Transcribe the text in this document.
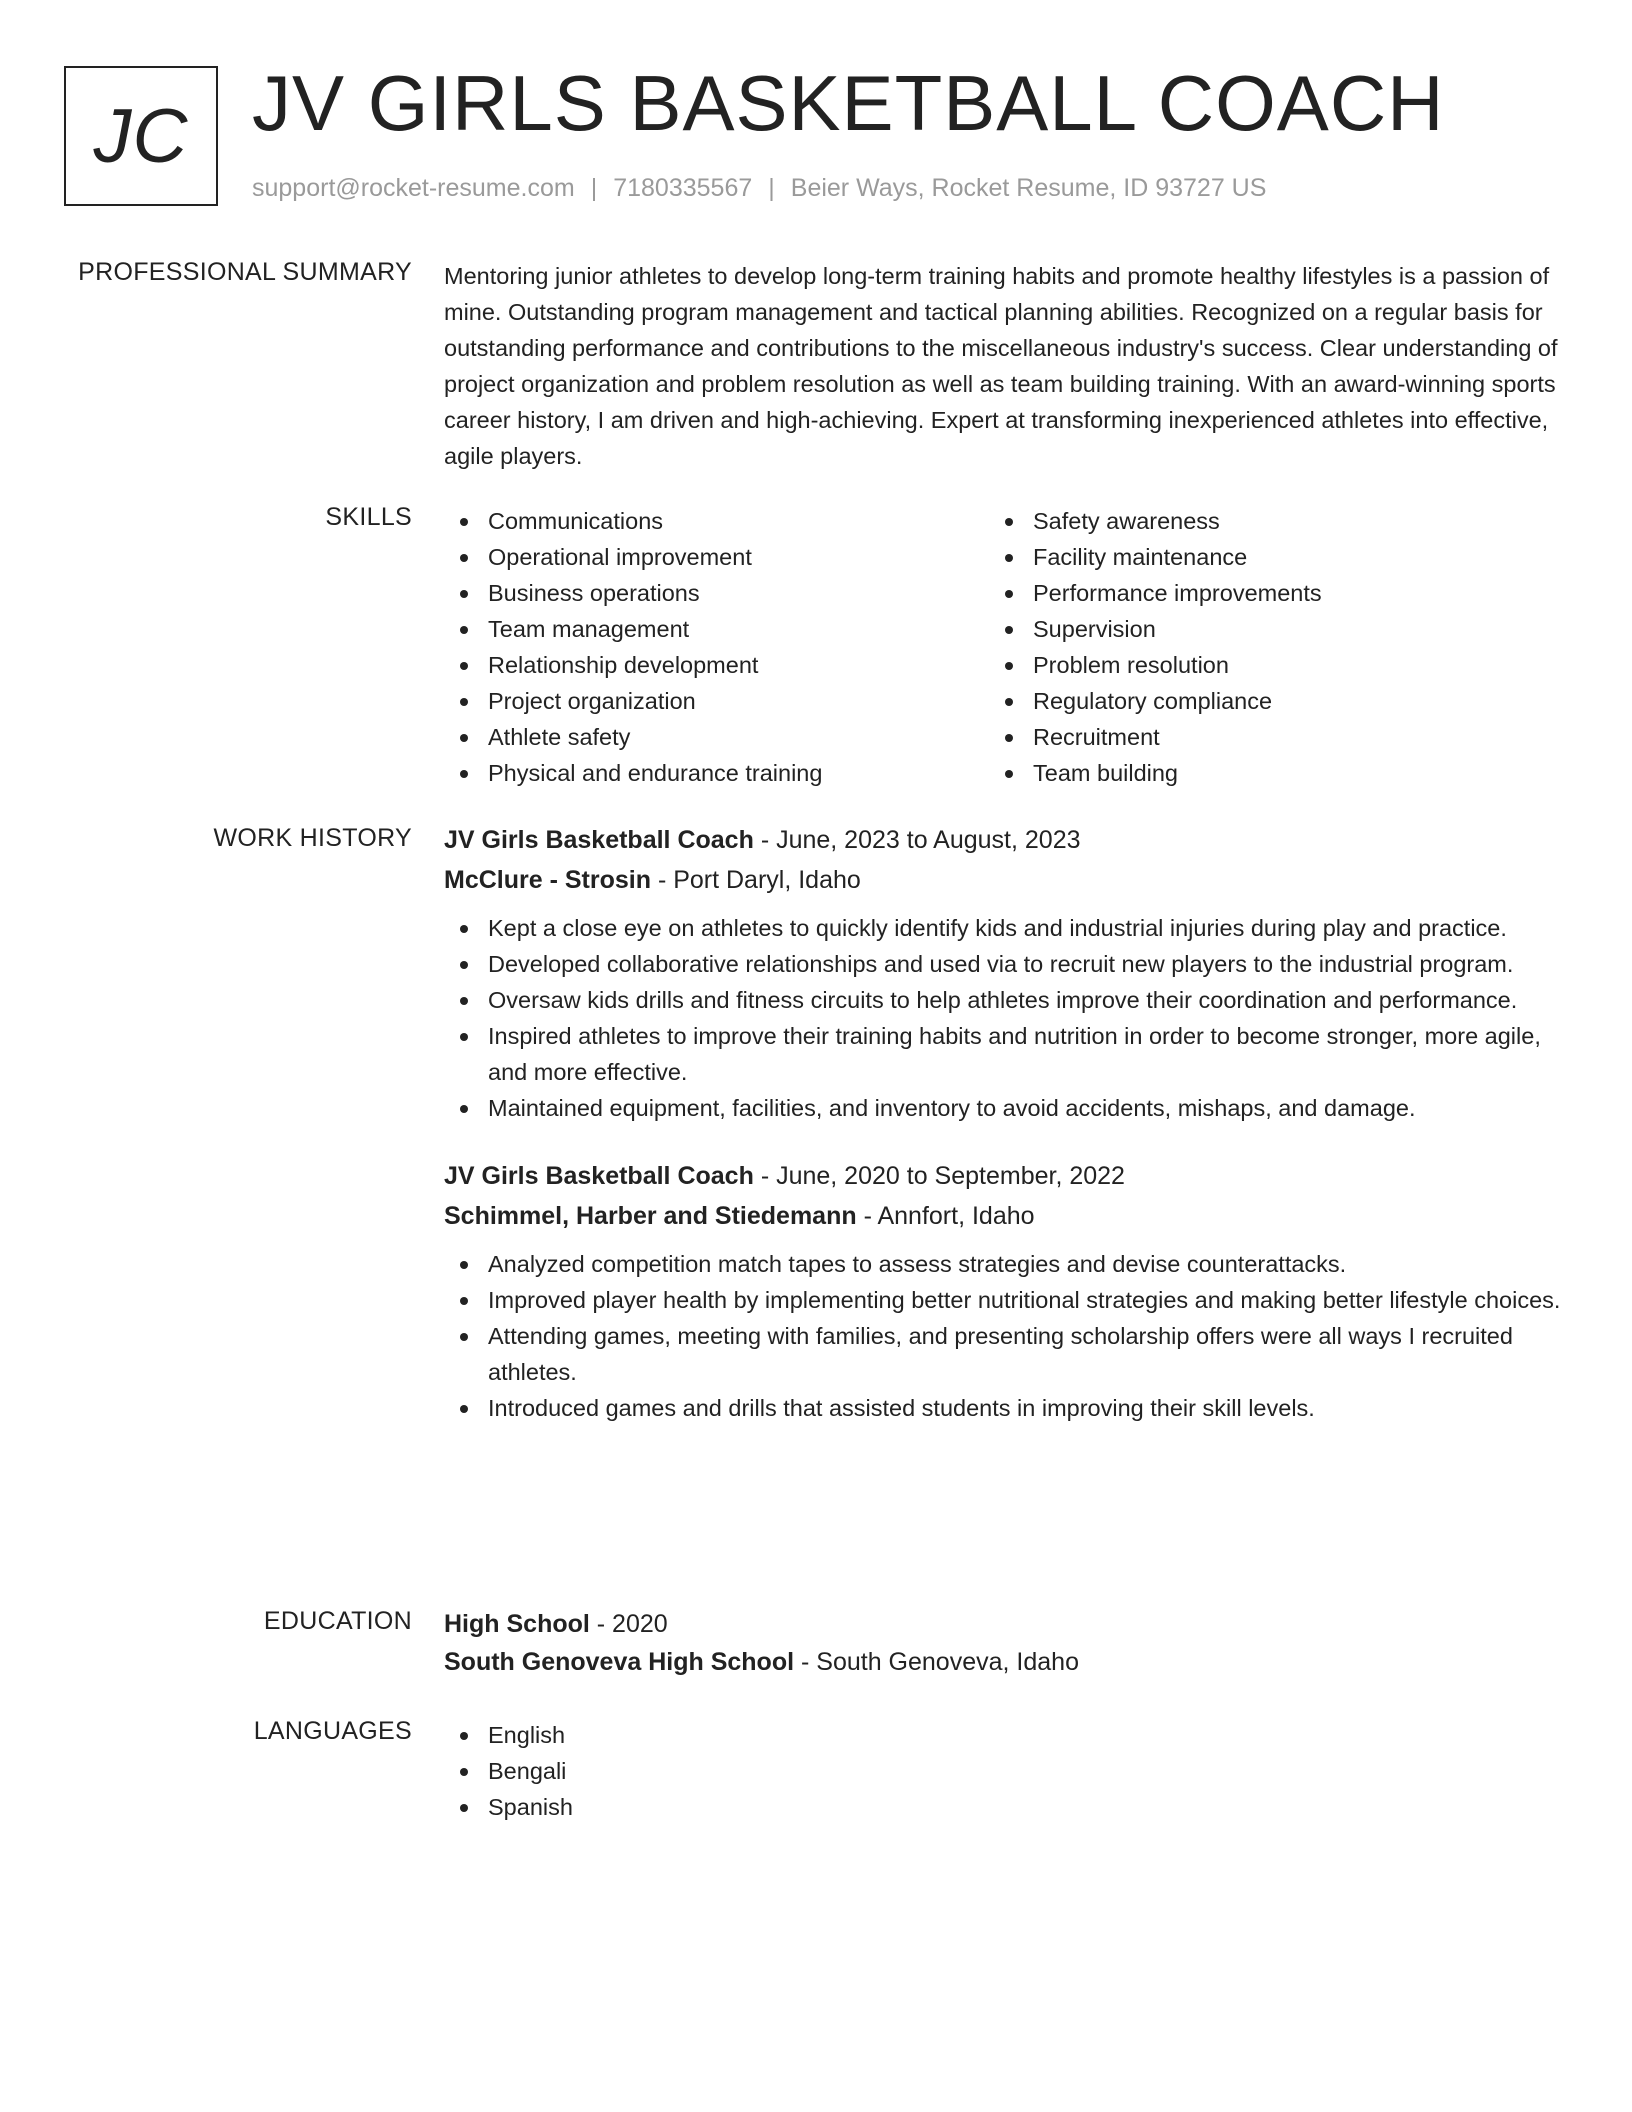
JC JV GIRLS BASKETBALL COACH
support@rocket-resume.com | 7180335567 | Beier Ways, Rocket Resume, ID 93727 US
PROFESSIONAL SUMMARY Mentoring junior athletes to develop long-term training habits and promote healthy lifestyles is a passion of mine. Outstanding program management and tactical planning abilities. Recognized on a regular basis for outstanding performance and contributions to the miscellaneous industry's success. Clear understanding of project organization and problem resolution as well as team building training. With an award-winning sports career history, I am driven and high-achieving. Expert at transforming inexperienced athletes into effective, agile players.

SKILLS	Communications
Operational improvement
Business operations
Team management
Relationship development
Project organization
Athlete safety
Physical and endurance training
Safety awareness
Facility maintenance
Performance improvements
Supervision
Problem resolution
Regulatory compliance
Recruitment
Team building
WORK HISTORY JV Girls Basketball Coach - June, 2023 to August, 2023
McClure - Strosin - Port Daryl, Idaho
Kept a close eye on athletes to quickly identify kids and industrial injuries during play and practice.
Developed collaborative relationships and used via to recruit new players to the industrial program.
Oversaw kids drills and fitness circuits to help athletes improve their coordination and performance.
Inspired athletes to improve their training habits and nutrition in order to become stronger, more agile, and more effective.
Maintained equipment, facilities, and inventory to avoid accidents, mishaps, and damage.
JV Girls Basketball Coach - June, 2020 to September, 2022
Schimmel, Harber and Stiedemann - Annfort, Idaho
Analyzed competition match tapes to assess strategies and devise counterattacks.
Improved player health by implementing better nutritional strategies and making better lifestyle choices.
Attending games, meeting with families, and presenting scholarship offers were all ways I recruited athletes.
Introduced games and drills that assisted students in improving their skill levels.
EDUCATION High School - 2020
South Genoveva High School - South Genoveva, Idaho
LANGUAGES	English
Bengali
Spanish
